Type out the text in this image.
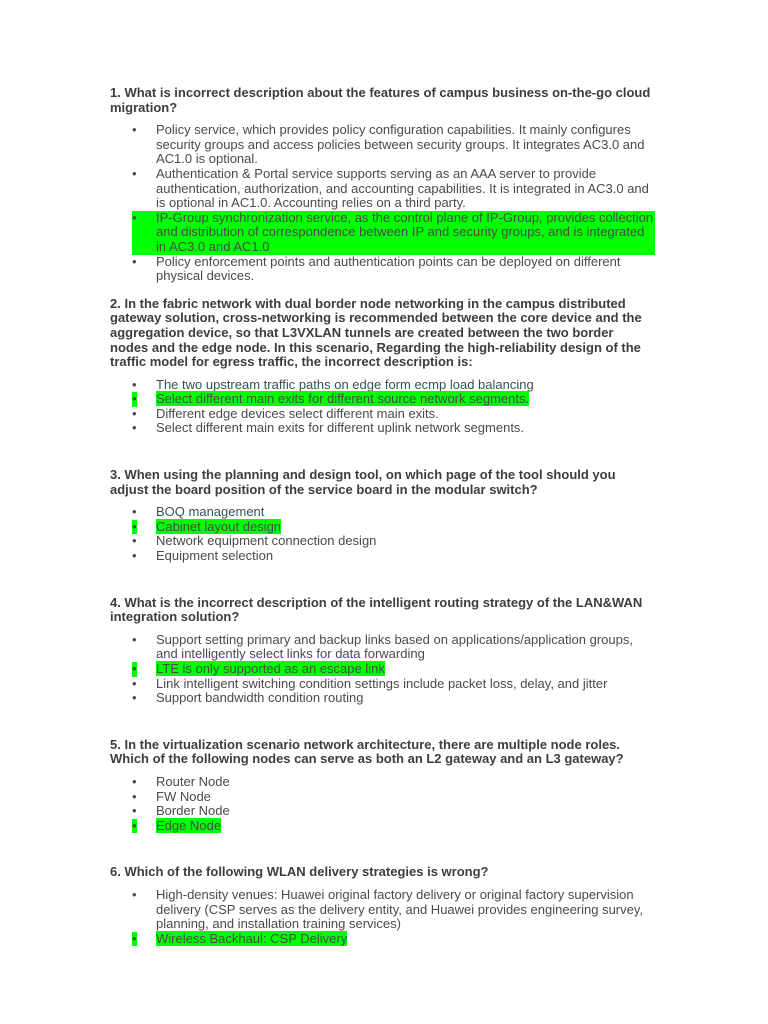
1. What is incorrect description about the features of campus business on-the-go cloud migration?

• Policy service, which provides policy configuration capabilities. It mainly configures security groups and access policies between security groups. It integrates AC3.0 and AC1.0 is optional.
• Authentication & Portal service supports serving as an AAA server to provide authentication, authorization, and accounting capabilities. It is integrated in AC3.0 and is optional in AC1.0. Accounting relies on a third party.
• IP-Group synchronization service, as the control plane of IP-Group, provides collection and distribution of correspondence between IP and security groups, and is integrated in AC3.0 and AC1.0
• Policy enforcement points and authentication points can be deployed on different physical devices.

2. In the fabric network with dual border node networking in the campus distributed gateway solution, cross-networking is recommended between the core device and the aggregation device, so that L3VXLAN tunnels are created between the two border nodes and the edge node. In this scenario, Regarding the high-reliability design of the traffic model for egress traffic, the incorrect description is:

• The two upstream traffic paths on edge form ecmp load balancing
• Select different main exits for different source network segments.
• Different edge devices select different main exits.
• Select different main exits for different uplink network segments.

3. When using the planning and design tool, on which page of the tool should you adjust the board position of the service board in the modular switch?

• BOQ management
• Cabinet layout design
• Network equipment connection design
• Equipment selection

4. What is the incorrect description of the intelligent routing strategy of the LAN&WAN integration solution?

• Support setting primary and backup links based on applications/application groups, and intelligently select links for data forwarding
• LTE is only supported as an escape link
• Link intelligent switching condition settings include packet loss, delay, and jitter
• Support bandwidth condition routing

5. In the virtualization scenario network architecture, there are multiple node roles. Which of the following nodes can serve as both an L2 gateway and an L3 gateway?

• Router Node
• FW Node
• Border Node
• Edge Node

6. Which of the following WLAN delivery strategies is wrong?

• High-density venues: Huawei original factory delivery or original factory supervision delivery (CSP serves as the delivery entity, and Huawei provides engineering survey, planning, and installation training services)
• Wireless Backhaul: CSP Delivery
